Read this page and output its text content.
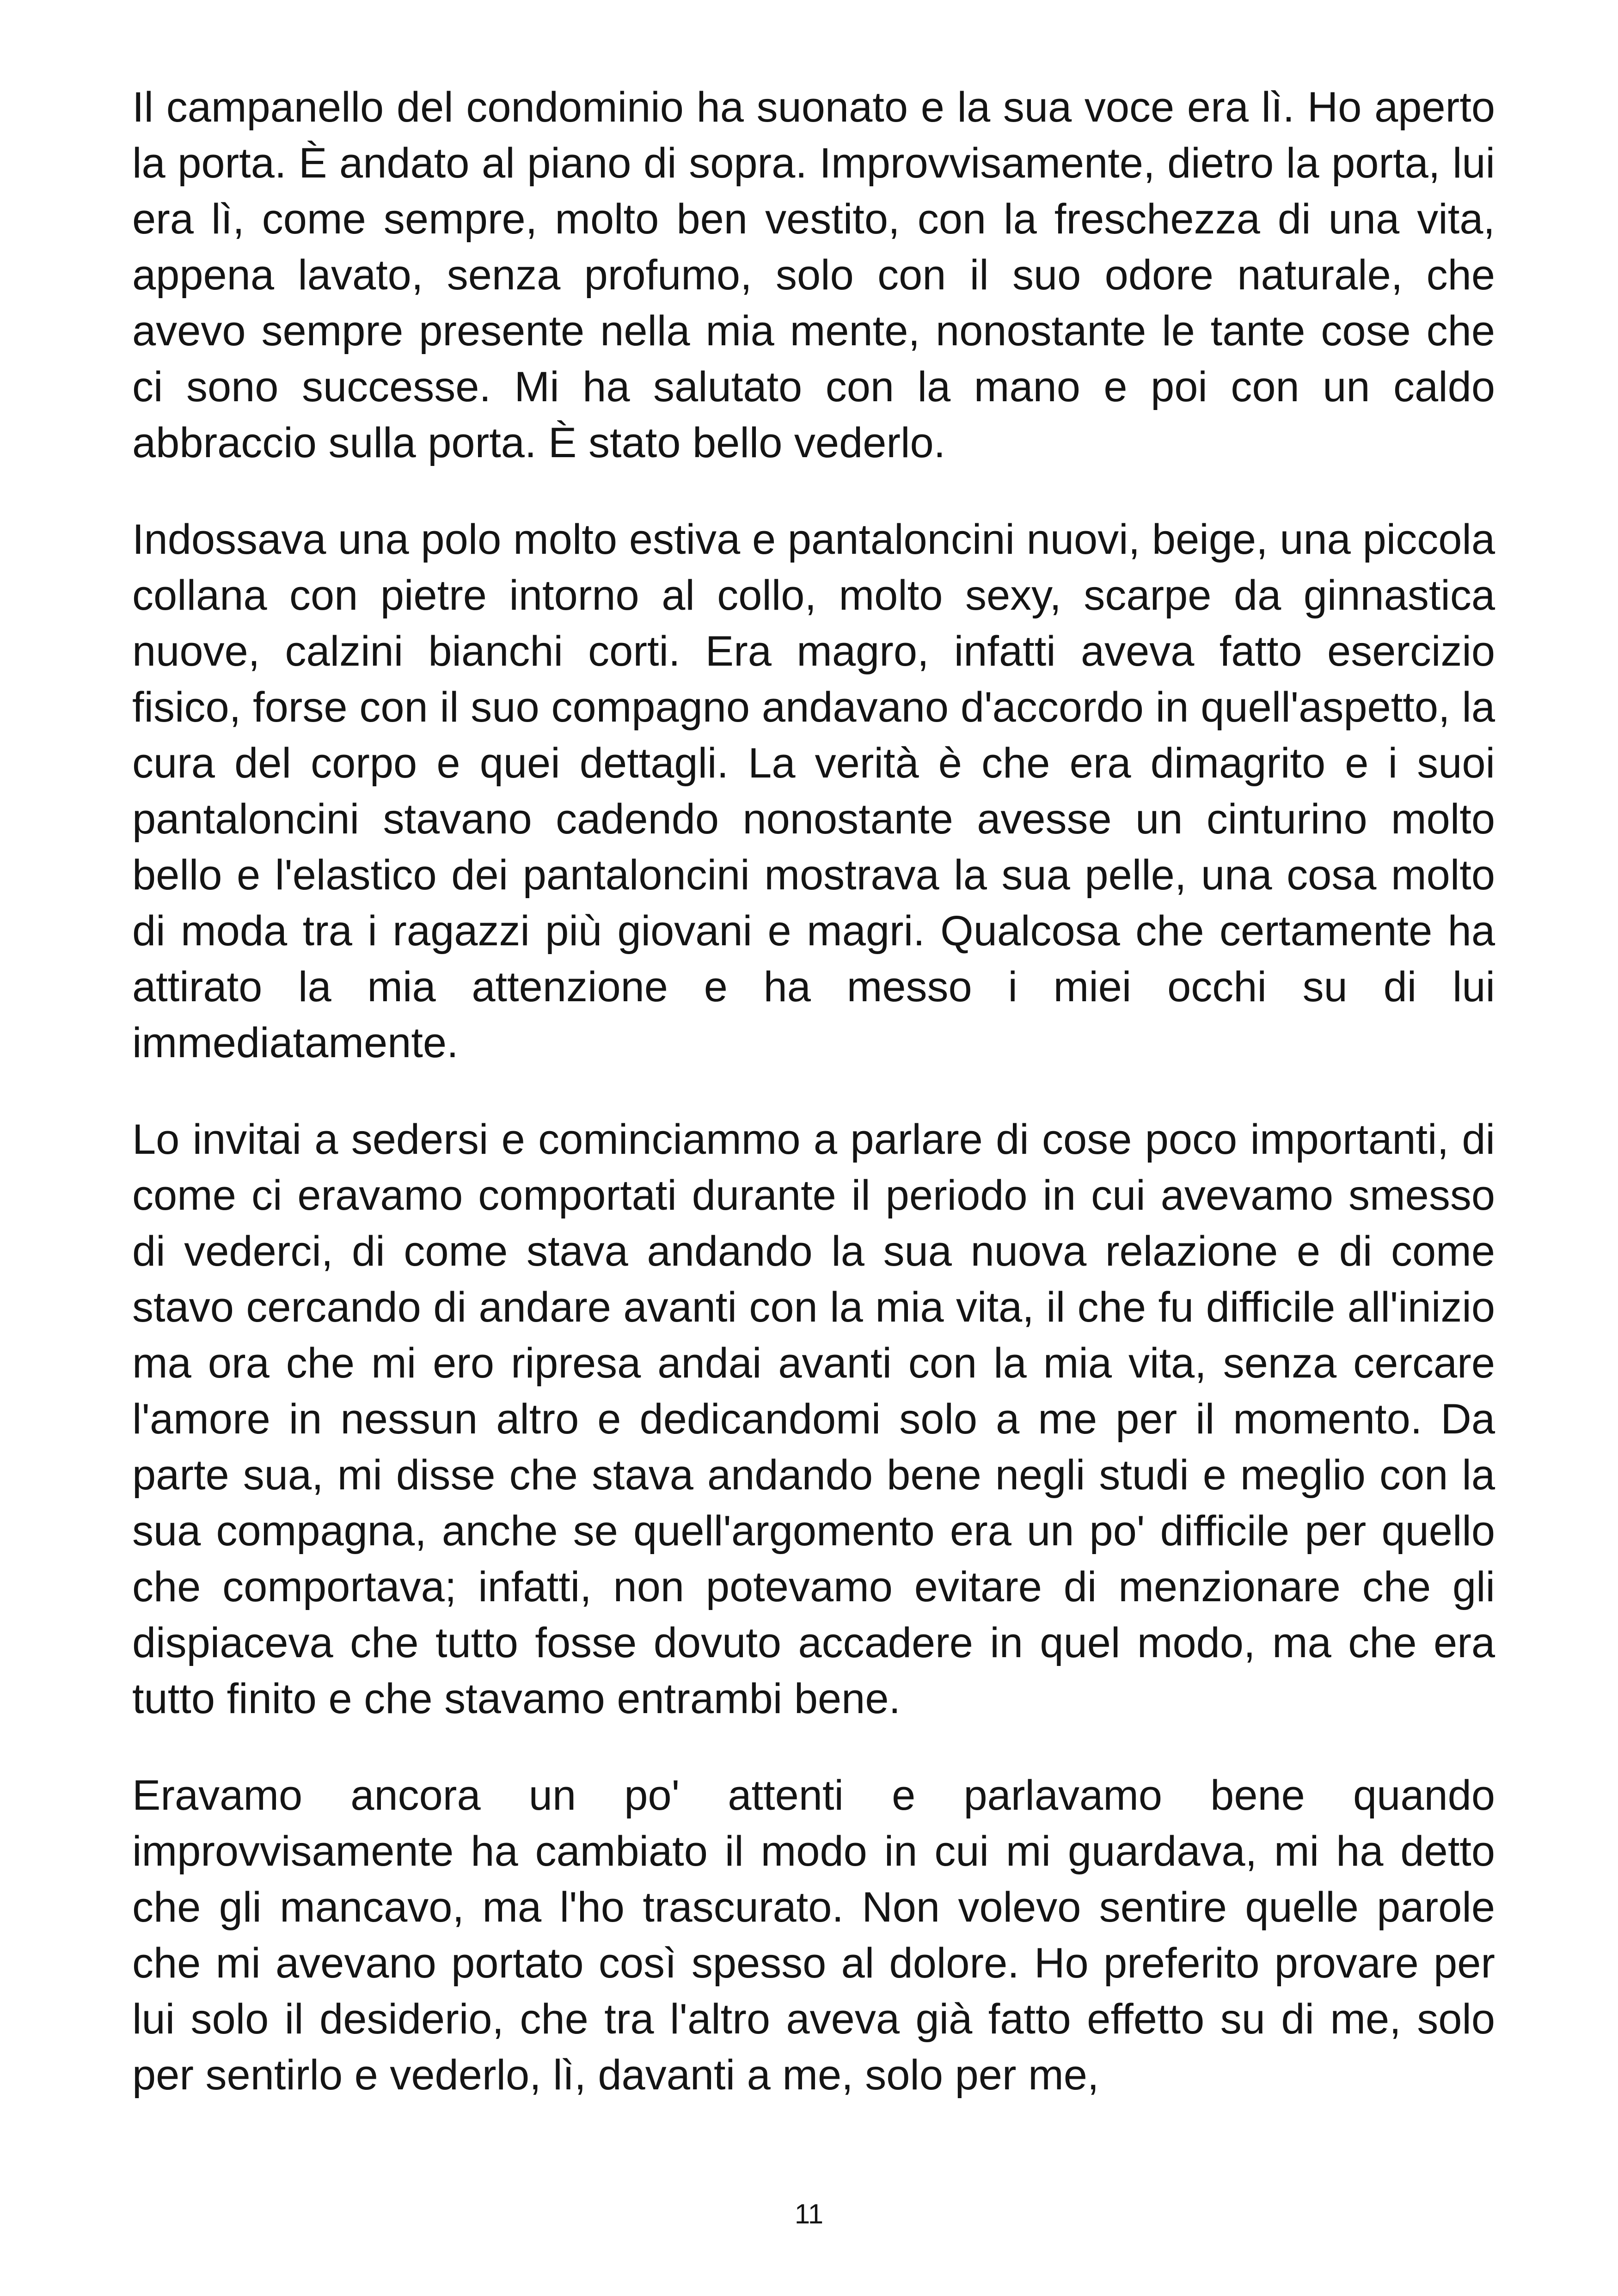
Il campanello del condominio ha suonato e la sua voce era lì. Ho aperto la porta. È andato al piano di sopra. Improvvisamente, dietro la porta, lui era lì, come sempre, molto ben vestito, con la freschezza di una vita, appena lavato, senza profumo, solo con il suo odore naturale, che avevo sempre presente nella mia mente, nonostante le tante cose che ci sono successe. Mi ha salutato con la mano e poi con un caldo abbraccio sulla porta. È stato bello vederlo.

Indossava una polo molto estiva e pantaloncini nuovi, beige, una piccola collana con pietre intorno al collo, molto sexy, scarpe da ginnastica nuove, calzini bianchi corti. Era magro, infatti aveva fatto esercizio fisico, forse con il suo compagno andavano d'accordo in quell'aspetto, la cura del corpo e quei dettagli. La verità è che era dimagrito e i suoi pantaloncini stavano cadendo nonostante avesse un cinturino molto bello e l'elastico dei pantaloncini mostrava la sua pelle, una cosa molto di moda tra i ragazzi più giovani e magri. Qualcosa che certamente ha attirato la mia attenzione e ha messo i miei occhi su di lui immediatamente.

Lo invitai a sedersi e cominciammo a parlare di cose poco importanti, di come ci eravamo comportati durante il periodo in cui avevamo smesso di vederci, di come stava andando la sua nuova relazione e di come stavo cercando di andare avanti con la mia vita, il che fu difficile all'inizio ma ora che mi ero ripresa andai avanti con la mia vita, senza cercare l'amore in nessun altro e dedicandomi solo a me per il momento. Da parte sua, mi disse che stava andando bene negli studi e meglio con la sua compagna, anche se quell'argomento era un po' difficile per quello che comportava; infatti, non potevamo evitare di menzionare che gli dispiaceva che tutto fosse dovuto accadere in quel modo, ma che era tutto finito e che stavamo entrambi bene.

Eravamo ancora un po' attenti e parlavamo bene quando improvvisamente ha cambiato il modo in cui mi guardava, mi ha detto che gli mancavo, ma l'ho trascurato. Non volevo sentire quelle parole che mi avevano portato così spesso al dolore. Ho preferito provare per lui solo il desiderio, che tra l'altro aveva già fatto effetto su di me, solo per sentirlo e vederlo, lì, davanti a me, solo per me,

11
